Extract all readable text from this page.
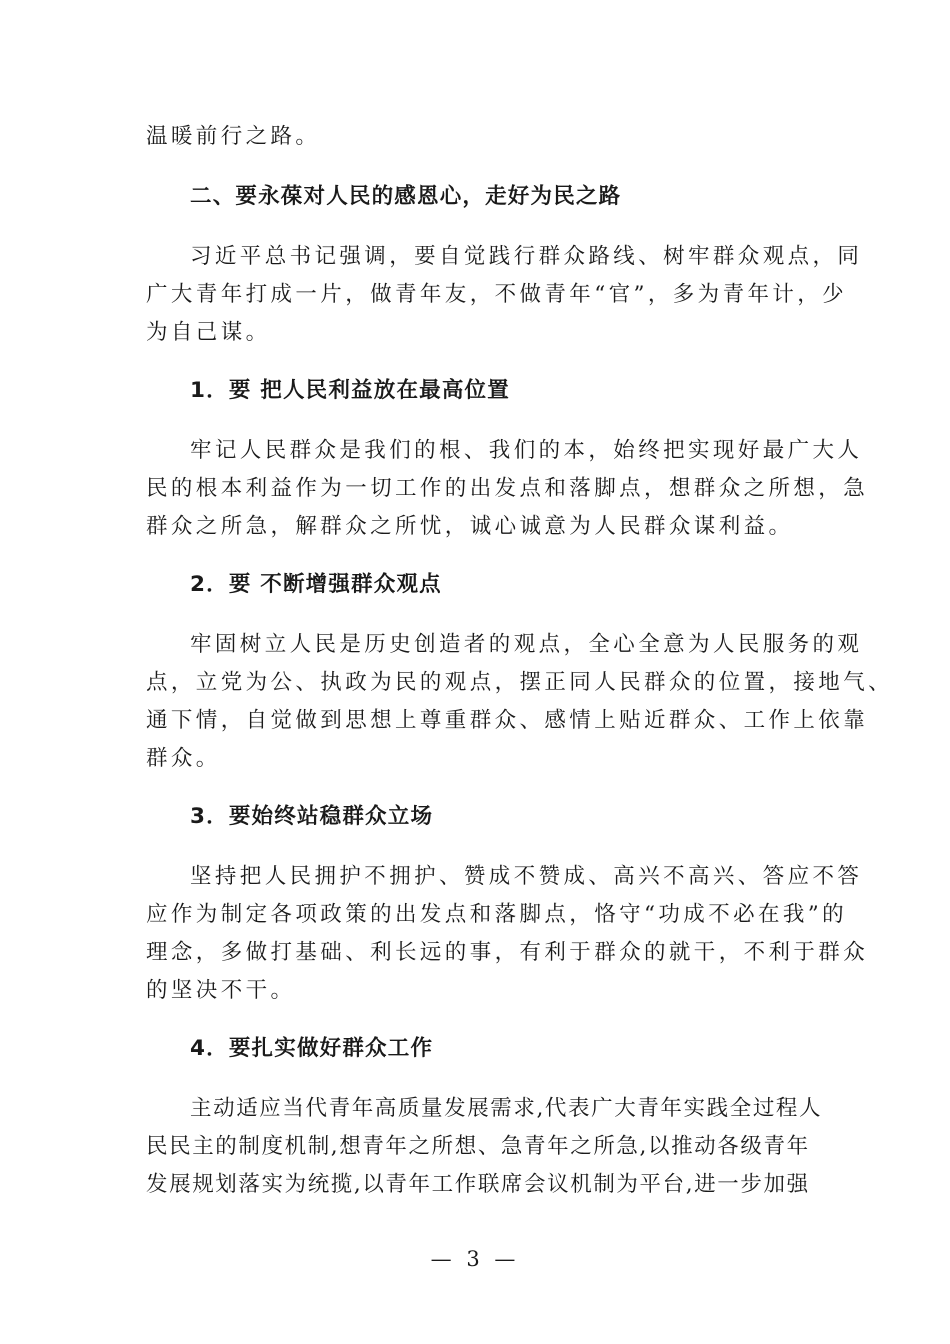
温暖前行之路。
二、要永葆对人民的感恩心，走好为民之路
习近平总书记强调，要自觉践行群众路线、树牢群众观点，同
广大青年打成一片，做青年友，不做青年“官”，多为青年计，少
为自己谋。
1．要 把人民利益放在最高位置
牢记人民群众是我们的根、我们的本，始终把实现好最广大人
民的根本利益作为一切工作的出发点和落脚点，想群众之所想，急
群众之所急，解群众之所忧，诚心诚意为人民群众谋利益。
2．要 不断增强群众观点
牢固树立人民是历史创造者的观点，全心全意为人民服务的观
点，立党为公、执政为民的观点，摆正同人民群众的位置，接地气、
通下情，自觉做到思想上尊重群众、感情上贴近群众、工作上依靠
群众。
3．要始终站稳群众立场
坚持把人民拥护不拥护、赞成不赞成、高兴不高兴、答应不答
应作为制定各项政策的出发点和落脚点，恪守“功成不必在我”的
理念，多做打基础、利长远的事，有利于群众的就干，不利于群众
的坚决不干。
4．要扎实做好群众工作
主动适应当代青年高质量发展需求,代表广大青年实践全过程人
民民主的制度机制,想青年之所想、急青年之所急,以推动各级青年
发展规划落实为统揽,以青年工作联席会议机制为平台,进一步加强
— 3 —
